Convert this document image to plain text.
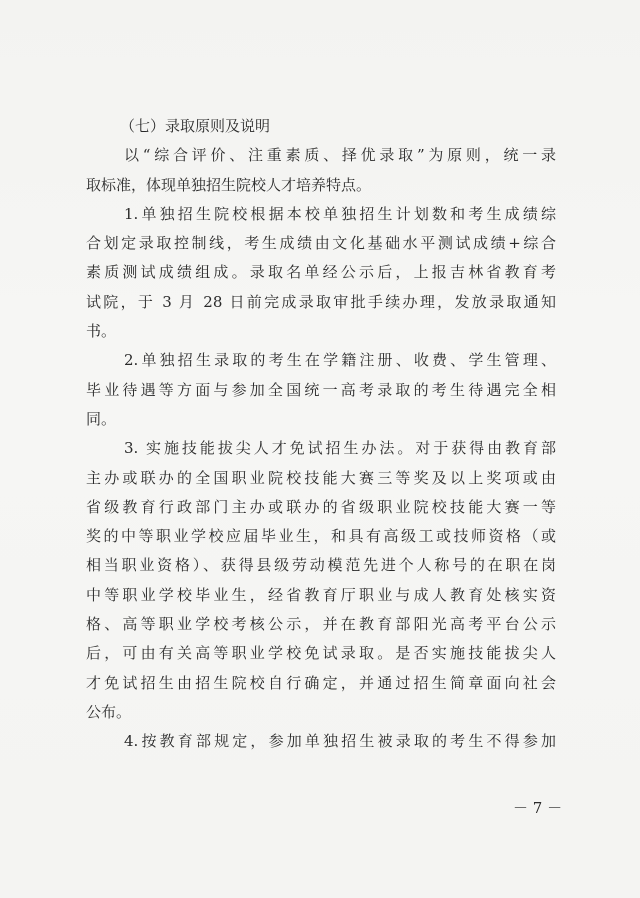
（七）录取原则及说明
以“综合评价、注重素质、择优录取”为原则，统一录
取标准，体现单独招生院校人才培养特点。
1.单独招生院校根据本校单独招生计划数和考生成绩综
合划定录取控制线，考生成绩由文化基础水平测试成绩+综合
素质测试成绩组成。录取名单经公示后，上报吉林省教育考
试院，于 3 月 28 日前完成录取审批手续办理，发放录取通知
书。
2.单独招生录取的考生在学籍注册、收费、学生管理、
毕业待遇等方面与参加全国统一高考录取的考生待遇完全相
同。
3. 实施技能拔尖人才免试招生办法。对于获得由教育部
主办或联办的全国职业院校技能大赛三等奖及以上奖项或由
省级教育行政部门主办或联办的省级职业院校技能大赛一等
奖的中等职业学校应届毕业生，和具有高级工或技师资格（或
相当职业资格）、获得县级劳动模范先进个人称号的在职在岗
中等职业学校毕业生，经省教育厅职业与成人教育处核实资
格、高等职业学校考核公示，并在教育部阳光高考平台公示
后，可由有关高等职业学校免试录取。是否实施技能拔尖人
才免试招生由招生院校自行确定，并通过招生简章面向社会
公布。
4.按教育部规定，参加单独招生被录取的考生不得参加
－ 7 －
